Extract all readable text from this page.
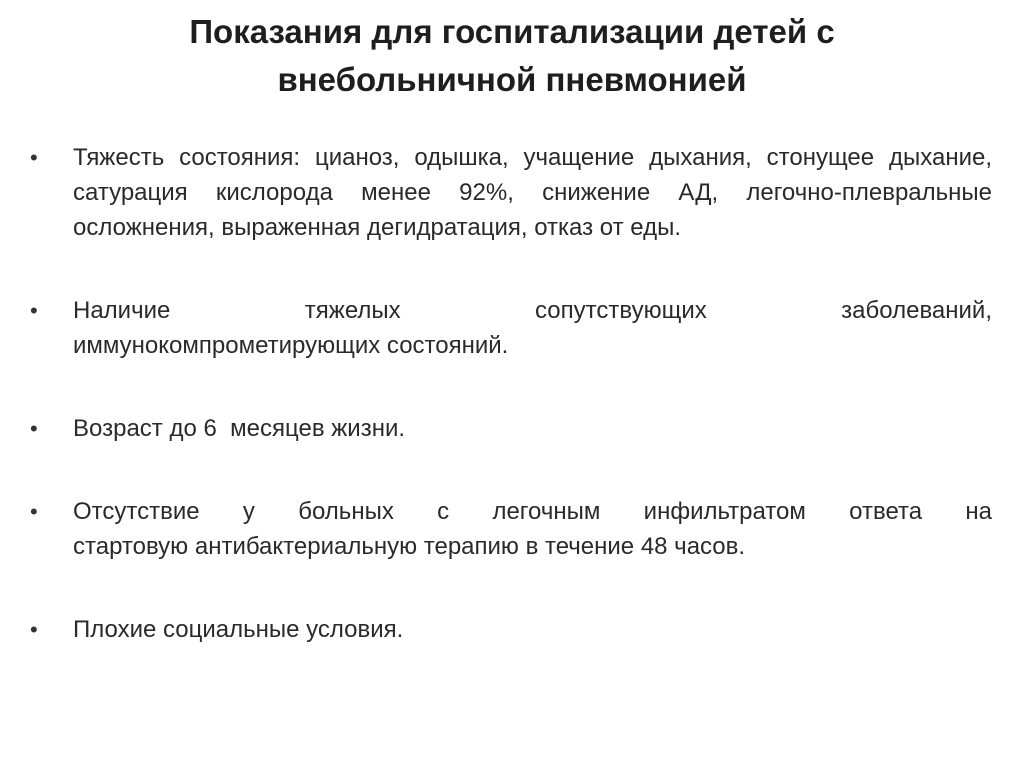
Показания для госпитализации детей с
внебольничной пневмонией
• Тяжесть состояния: цианоз, одышка, учащение дыхания, стонущее дыхание, сатурация кислорода менее 92%, снижение АД, легочно-плевральные осложнения, выраженная дегидратация, отказ от еды.
• Наличие тяжелых сопутствующих заболеваний,
иммунокомпрометирующих состояний.
• Возраст до 6  месяцев жизни.
• Отсутствие у больных с легочным инфильтратом ответа на
стартовую антибактериальную терапию в течение 48 часов.
• Плохие социальные условия.
